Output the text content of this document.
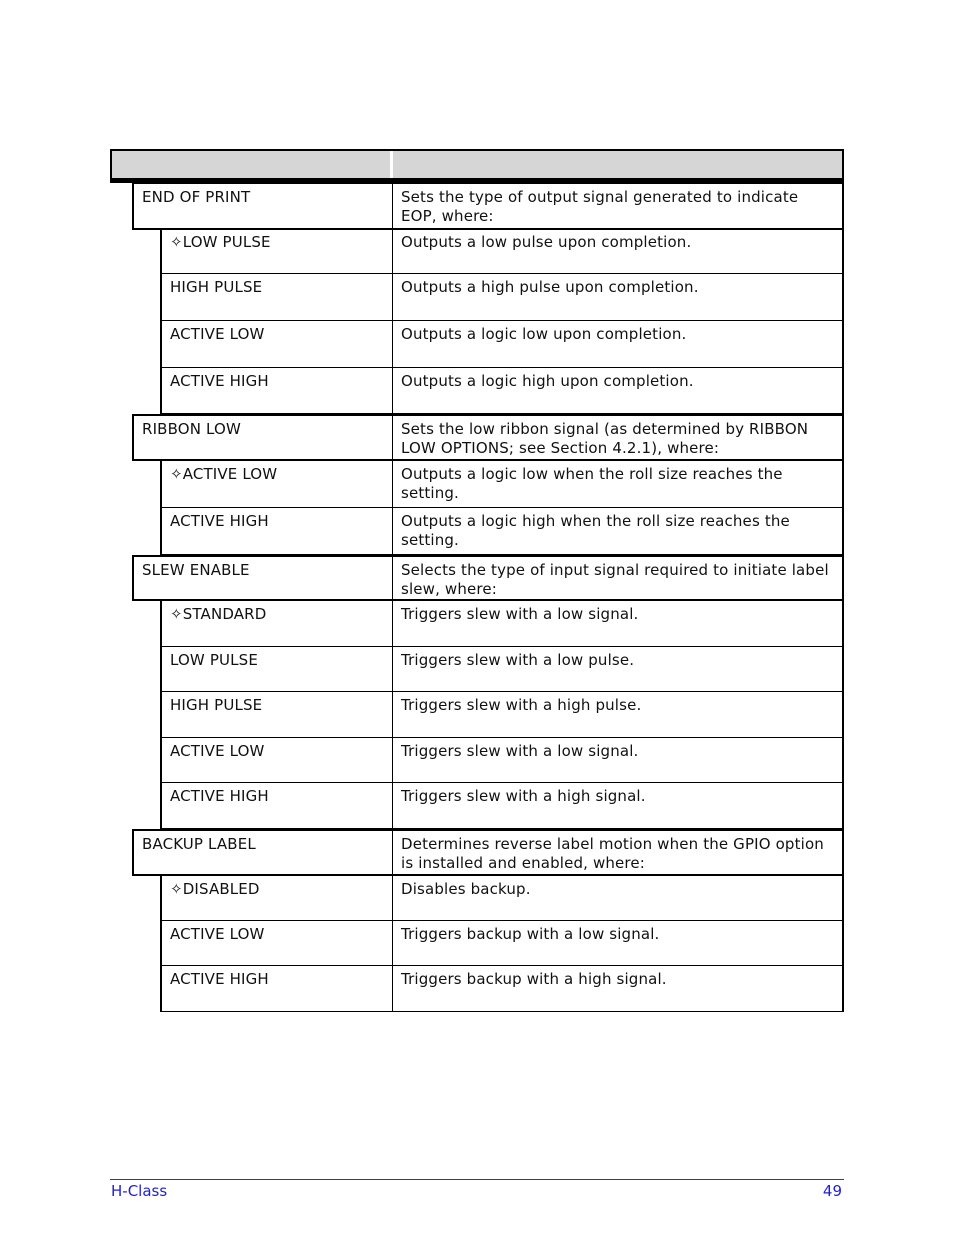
END OF PRINT	Sets the type of output signal generated to indicate EOP, where:
✧LOW PULSE	Outputs a low pulse upon completion.
HIGH PULSE	Outputs a high pulse upon completion.
ACTIVE LOW	Outputs a logic low upon completion.
ACTIVE HIGH	Outputs a logic high upon completion.
RIBBON LOW	Sets the low ribbon signal (as determined by RIBBON LOW OPTIONS; see Section 4.2.1), where:
✧ACTIVE LOW	Outputs a logic low when the roll size reaches the setting.
ACTIVE HIGH	Outputs a logic high when the roll size reaches the setting.
SLEW ENABLE	Selects the type of input signal required to initiate label slew, where:
✧STANDARD	Triggers slew with a low signal.
LOW PULSE	Triggers slew with a low pulse.
HIGH PULSE	Triggers slew with a high pulse.
ACTIVE LOW	Triggers slew with a low signal.
ACTIVE HIGH	Triggers slew with a high signal.
BACKUP LABEL	Determines reverse label motion when the GPIO option is installed and enabled, where:
✧DISABLED	Disables backup.
ACTIVE LOW	Triggers backup with a low signal.
ACTIVE HIGH	Triggers backup with a high signal.
H-Class	49
